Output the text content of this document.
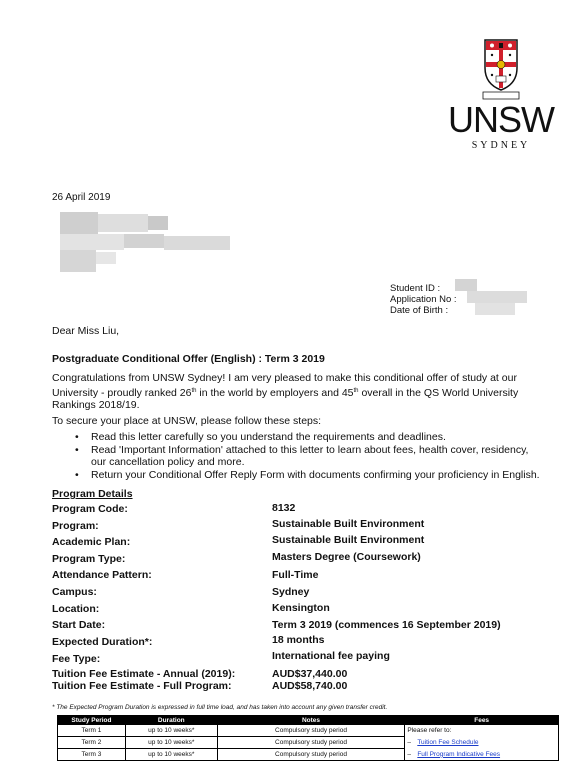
UNSW
SYDNEY
26 April 2019
Student ID :
Application No :
Date of Birth :
Dear Miss Liu,
Postgraduate Conditional Offer (English) : Term 3 2019
Congratulations from UNSW Sydney! I am very pleased to make this conditional offer of study at our University - proudly ranked 26th in the world by employers and 45th overall in the QS World University Rankings 2018/19.
To secure your place at UNSW, please follow these steps:
• Read this letter carefully so you understand the requirements and deadlines.
• Read 'Important Information' attached to this letter to learn about fees, health cover, residency, our cancellation policy and more.
• Return your Conditional Offer Reply Form with documents confirming your proficiency in English.
Program Details
Program Code:	8132
Program:	Sustainable Built Environment
Academic Plan:	Sustainable Built Environment
Program Type:	Masters Degree (Coursework)
Attendance Pattern:	Full-Time
Campus:	Sydney
Location:	Kensington
Start Date:	Term 3 2019 (commences 16 September 2019)
Expected Duration*:	18 months
Fee Type:	International fee paying
Tuition Fee Estimate - Annual (2019):	AUD$37,440.00
Tuition Fee Estimate - Full Program:	AUD$58,740.00
* The Expected Program Duration is expressed in full time load, and has taken into account any given transfer credit.
Study Period	Duration	Notes	Fees
Term 1	up to 10 weeks*	Compulsory study period	Please refer to:
Term 2	up to 10 weeks*	Compulsory study period	– Tuition Fee Schedule
Term 3	up to 10 weeks*	Compulsory study period	– Full Program Indicative Fees
